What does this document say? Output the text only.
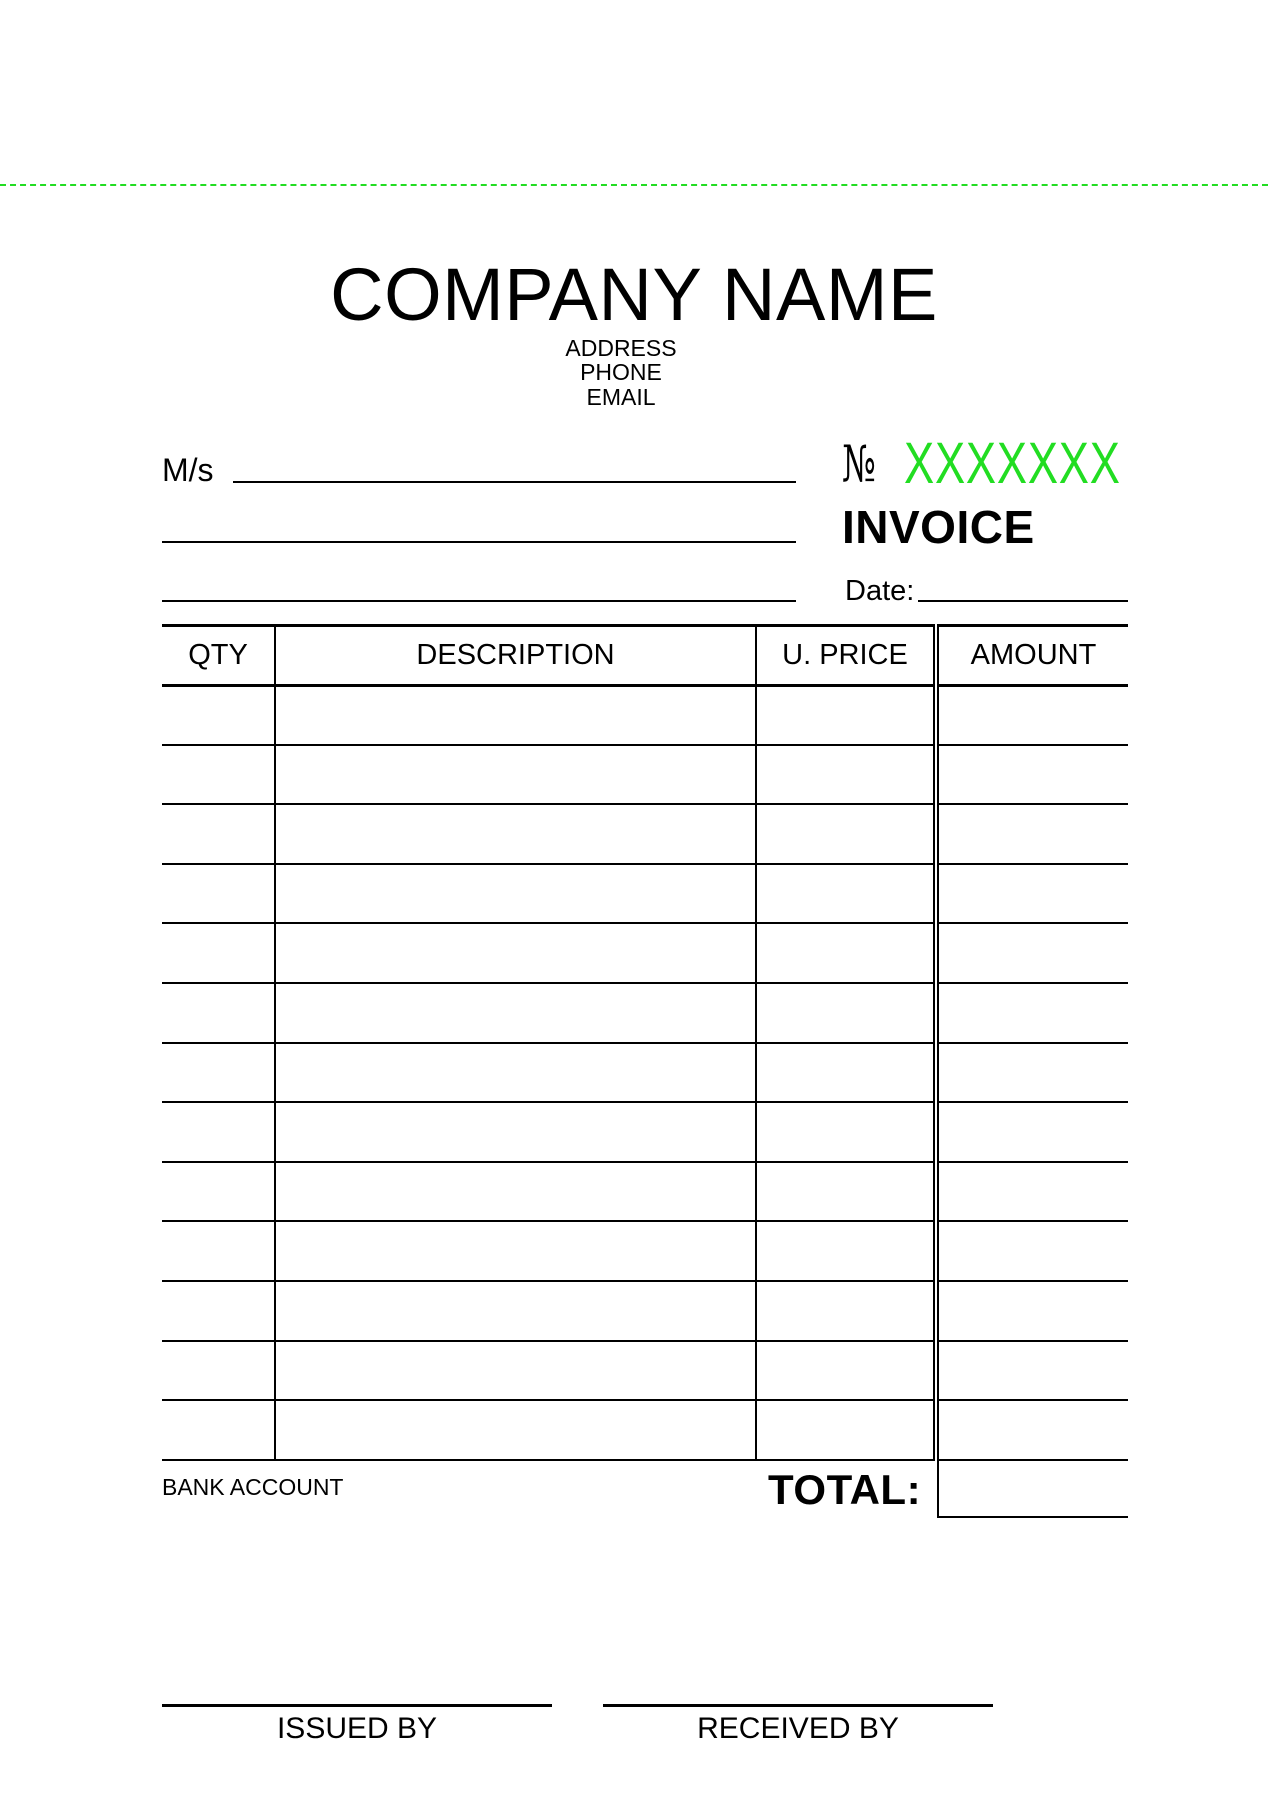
COMPANY NAME
ADDRESS
PHONE
EMAIL
M/s	№ XXXXXXX
INVOICE
Date:
QTY	DESCRIPTION	U. PRICE	AMOUNT

BANK ACCOUNT	TOTAL:
ISSUED BY	RECEIVED BY
